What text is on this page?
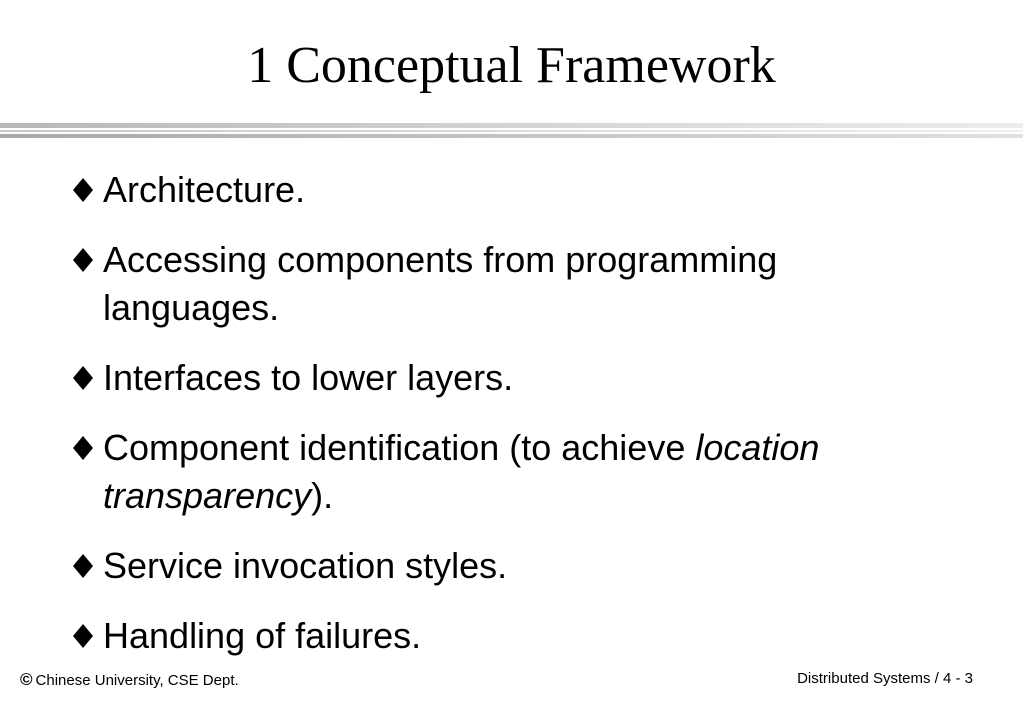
1 Conceptual Framework
Architecture.
Accessing components from programming languages.
Interfaces to lower layers.
Component identification (to achieve location transparency).
Service invocation styles.
Handling of failures.
© Chinese University, CSE Dept.	Distributed Systems / 4 - 3
